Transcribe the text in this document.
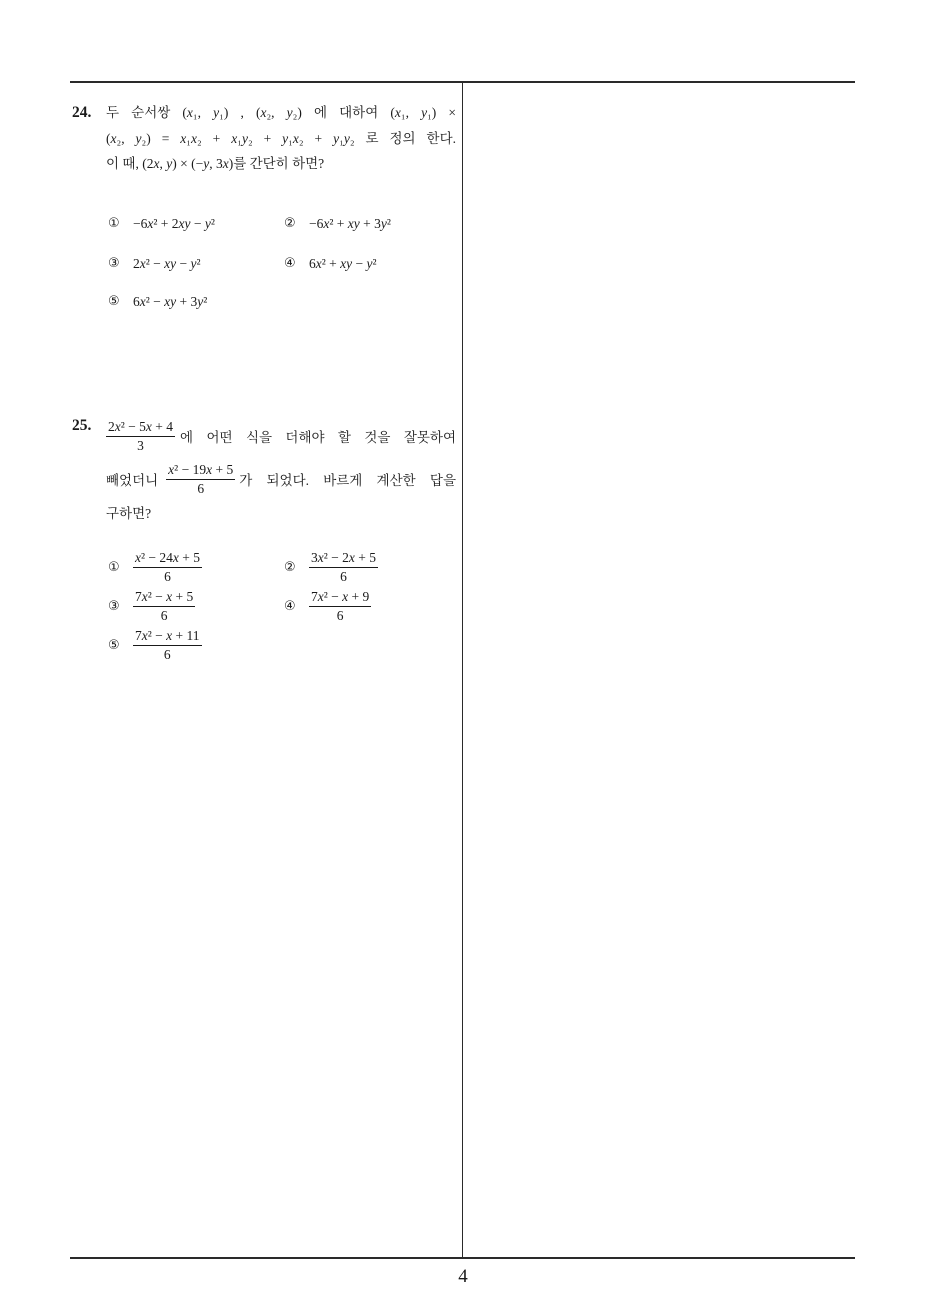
24. 두 순서쌍 (x₁, y₁) , (x₂, y₂) 에 대하여 (x₁, y₁) ×
(x₂, y₂) = x₁x₂ + x₁y₂ + y₁x₂ + y₁y₂ 로 정의 한다.
이 때, (2x, y) × (−y, 3x)를 간단히 하면?
① −6x² + 2xy − y²	② −6x² + xy + 3y²
③ 2x² − xy − y²	④ 6x² + xy − y²
⑤ 6x² − xy + 3y²
25. $\frac{\text{2x² − 5x + 4}}{3}$ 에 어떤 식을 더해야 할 것을 잘못하여
빼었더니 $\frac{\text{x² − 19x + 5}}{6}$ 가 되었다. 바르게 계산한 답을
구하면?
① $\frac{\text{x² − 24x + 5}}{6}$	② $\frac{\text{3x² − 2x + 5}}{6}$
③ $\frac{\text{7x² − x + 5}}{6}$	④ $\frac{\text{7x² − x + 9}}{6}$
⑤ $\frac{\text{7x² − x + 11}}{6}$
4
